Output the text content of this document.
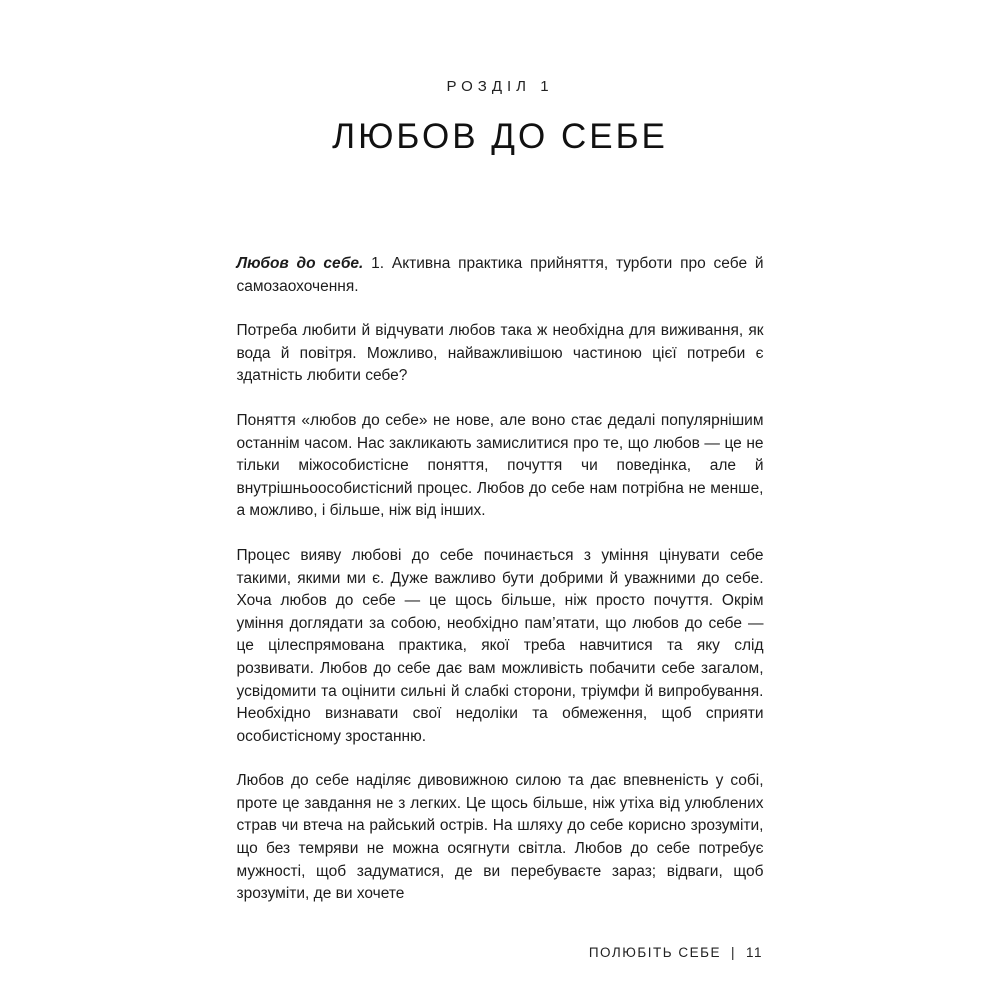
РОЗДІЛ 1
ЛЮБОВ ДО СЕБЕ

Любов до себе. 1. Активна практика прийняття, турботи про себе й самозаохочення.

Потреба любити й відчувати любов така ж необхідна для виживання, як вода й повітря. Можливо, найважливішою частиною цієї потреби є здатність любити себе?

Поняття «любов до себе» не нове, але воно стає дедалі популярнішим останнім часом. Нас закликають замислитися про те, що любов — це не тільки міжособистісне поняття, почуття чи поведінка, але й внутрішньоособистісний процес. Любов до себе нам потрібна не менше, а можливо, і більше, ніж від інших.

Процес вияву любові до себе починається з уміння цінувати себе такими, якими ми є. Дуже важливо бути добрими й уважними до себе. Хоча любов до себе — це щось більше, ніж просто почуття. Окрім уміння доглядати за собою, необхідно пам’ятати, що любов до себе — це цілеспрямована практика, якої треба навчитися та яку слід розвивати. Любов до себе дає вам можливість побачити себе загалом, усвідомити та оцінити сильні й слабкі сторони, тріумфи й випробування. Необхідно визнавати свої недоліки та обмеження, щоб сприяти особистісному зростанню.

Любов до себе наділяє дивовижною силою та дає впевненість у собі, проте це завдання не з легких. Це щось більше, ніж утіха від улюблених страв чи втеча на райський острів. На шляху до себе корисно зрозуміти, що без темряви не можна осягнути світла. Любов до себе потребує мужності, щоб задуматися, де ви перебуваєте зараз; відваги, щоб зрозуміти, де ви хочете

ПОЛЮБІТЬ СЕБЕ | 11
